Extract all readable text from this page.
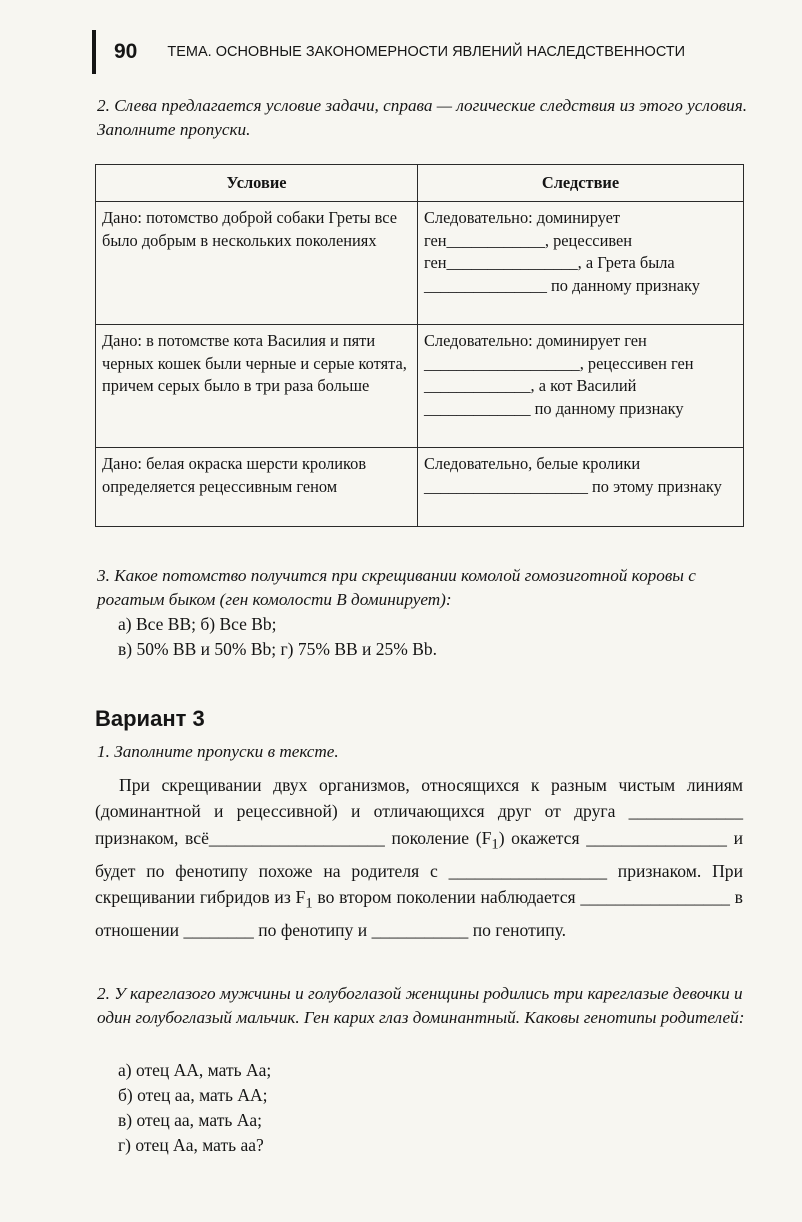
90 ТЕМА. ОСНОВНЫЕ ЗАКОНОМЕРНОСТИ ЯВЛЕНИЙ НАСЛЕДСТВЕННОСТИ

2. Слева предлагается условие задачи, справа — логические следствия из этого условия. Заполните пропуски.

Условие	Следствие
Дано: потомство доброй собаки Греты все было добрым в нескольких поколениях	Следовательно: доминирует ген____________, рецессивен ген________________, а Грета была _______________ по данному признаку
Дано: в потомстве кота Василия и пяти черных кошек были черные и серые котята, причем серых было в три раза больше	Следовательно: доминирует ген ___________________, рецессивен ген _____________, а кот Василий _____________ по данному признаку
Дано: белая окраска шерсти кроликов определяется рецессивным геном	Следовательно, белые кролики ____________________ по этому признаку

3. Какое потомство получится при скрещивании комолой гомозиготной коровы с рогатым быком (ген комолости B доминирует):

а) Все BB; б) Все Bb;
в) 50% BB и 50% Bb; г) 75% BB и 25% Bb.
Вариант 3

1. Заполните пропуски в тексте.

При скрещивании двух организмов, относящихся к разным чистым линиям (доминантной и рецессивной) и отличающихся друг от друга _____________ признаком, всё____________________ поколение $(F_1)$ окажется ________________ и будет по фенотипу похоже на родителя с __________________ признаком. При скрещивании гибридов из $F_1$ во втором поколении наблюдается _________________ в отношении ________ по фенотипу и ___________ по генотипу.

2. У кареглазого мужчины и голубоглазой женщины родились три кареглазые девочки и один голубоглазый мальчик. Ген карих глаз доминантный. Каковы генотипы родителей:

а) отец AA, мать Aa;
б) отец aa, мать AA;
в) отец aa, мать Aa;
г) отец Aa, мать aa?
